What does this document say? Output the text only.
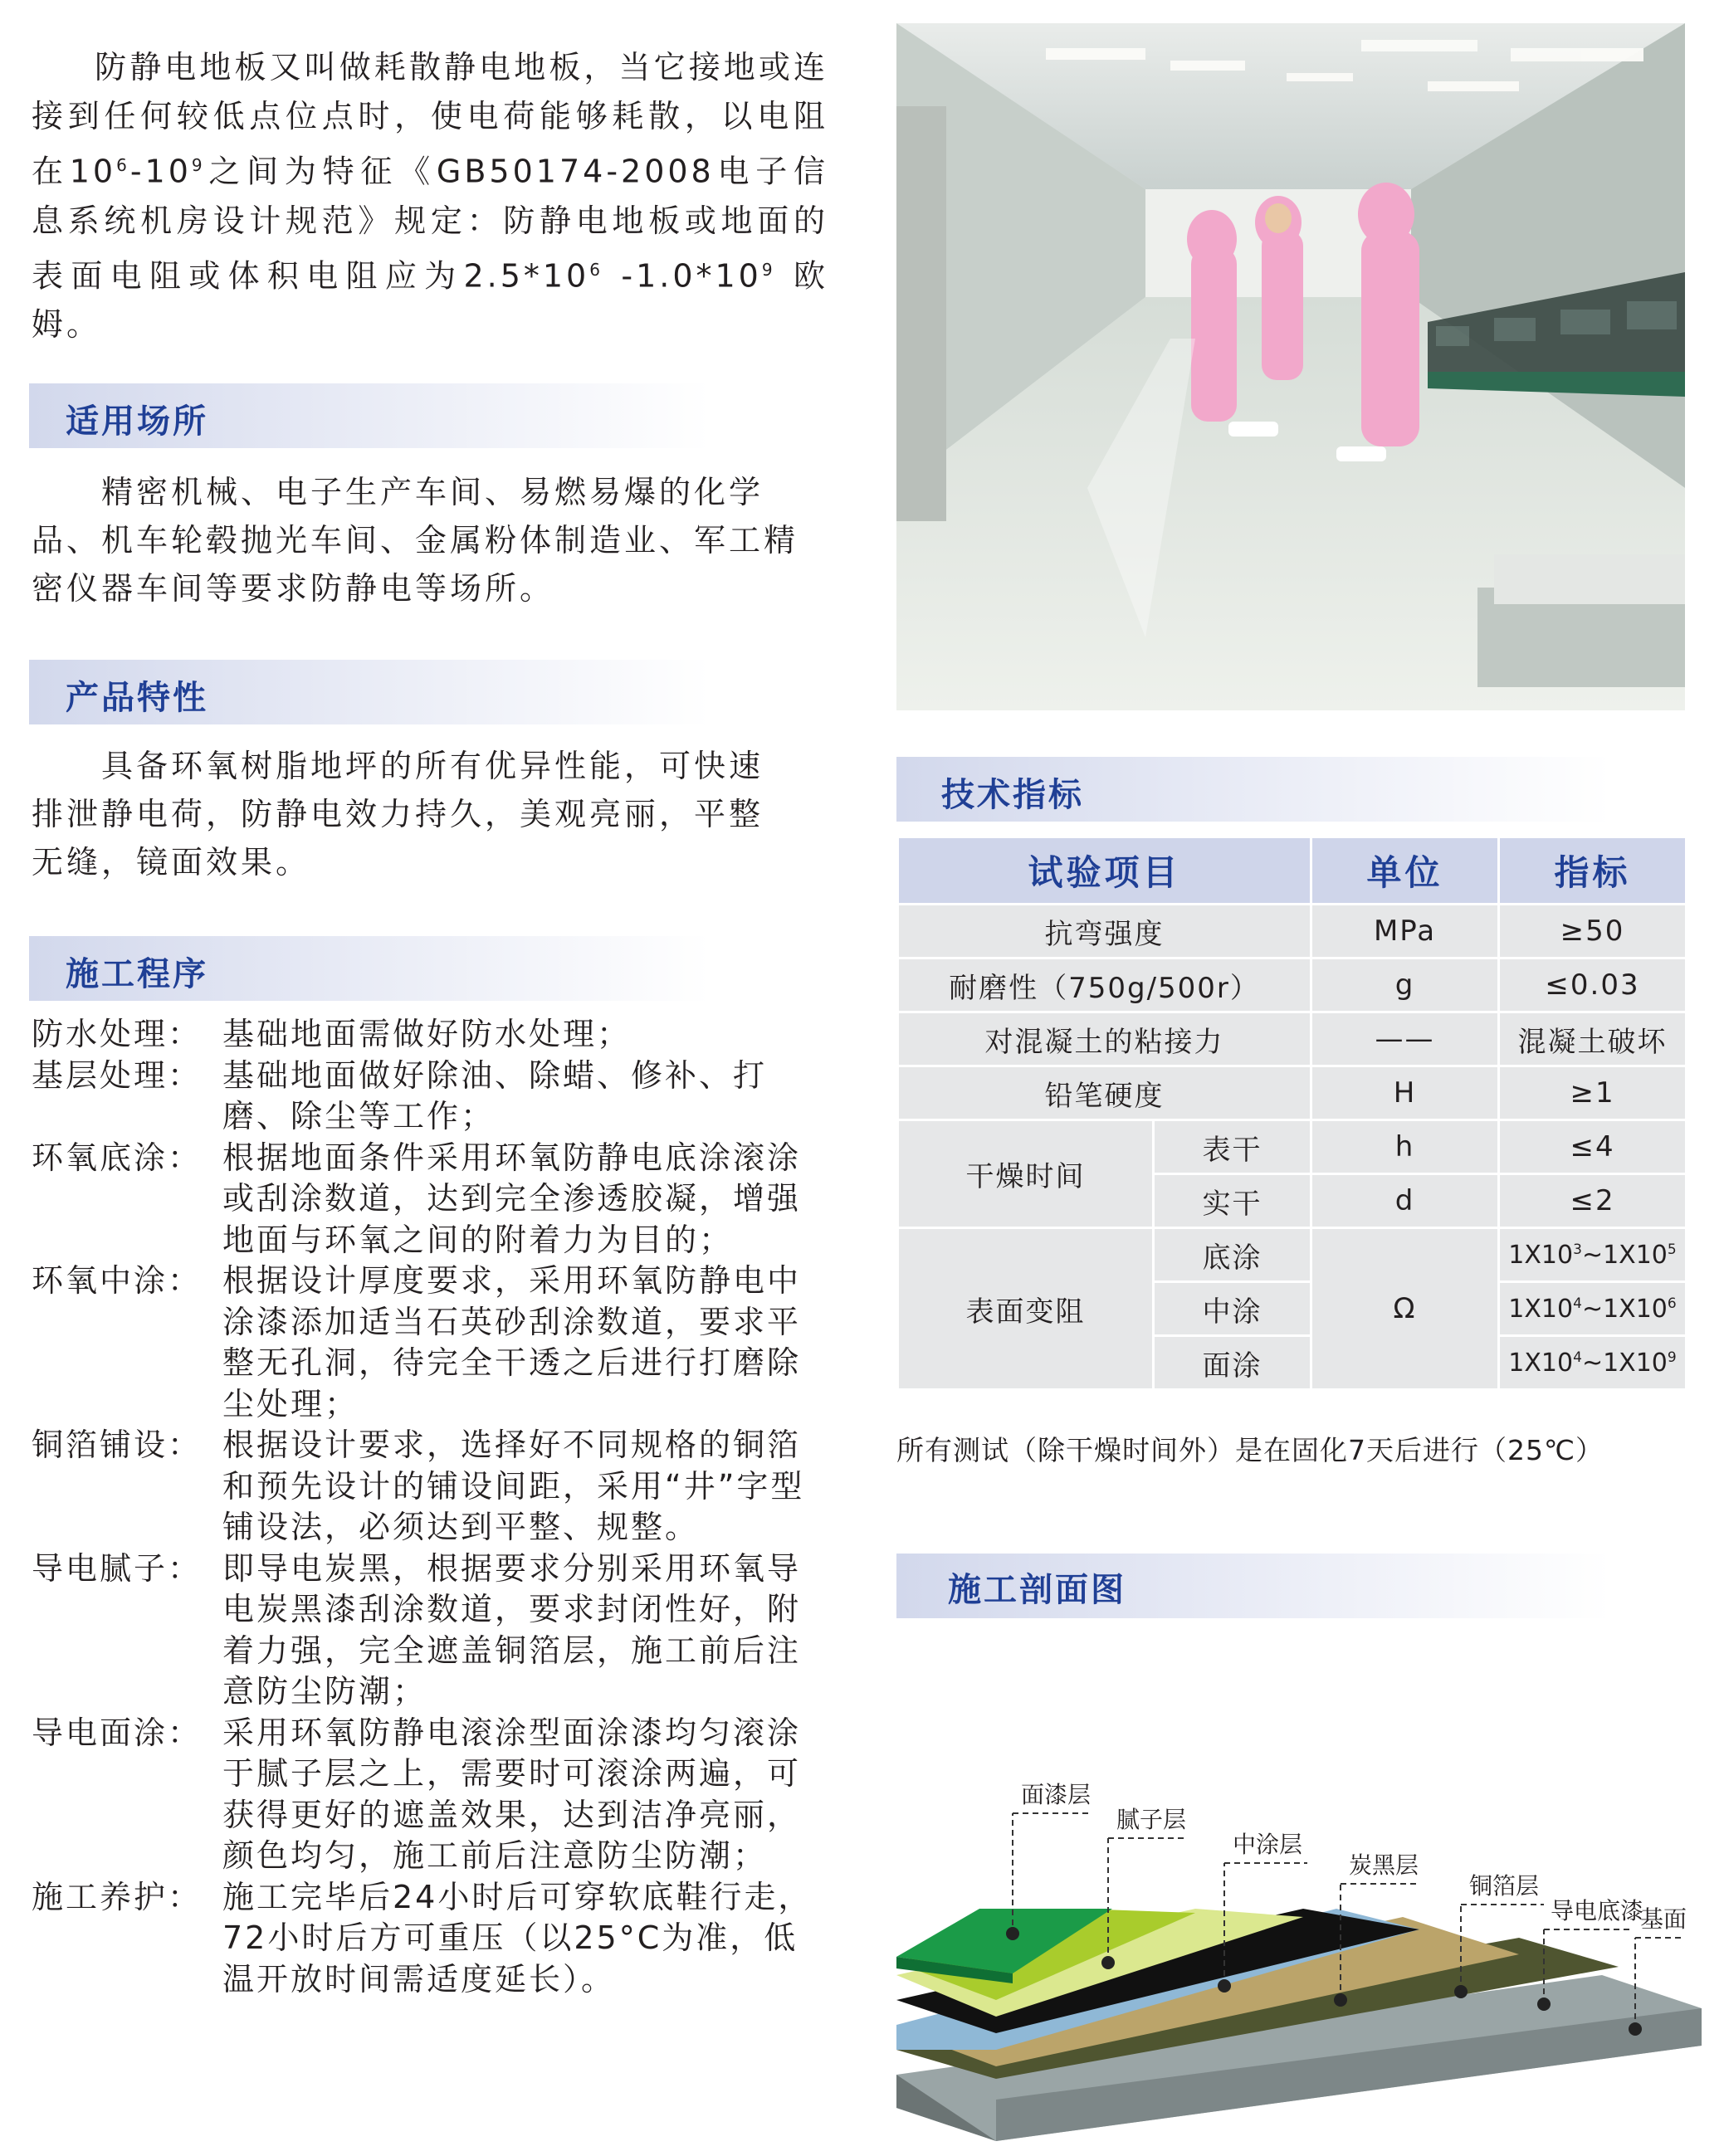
防静电地板又叫做耗散静电地板，当它接地或连接到任何较低点位点时，使电荷能够耗散，以电阻在$10^6-10^9$之间为特征《GB50174-2008电子信息系统机房设计规范》规定：防静电地板或地面的表面电阻或体积电阻应为$2.5*10^6$ $-1.0*10^9$ 欧姆。

适用场所

精密机械、电子生产车间、易燃易爆的化学品、机车轮毂抛光车间、金属粉体制造业、军工精密仪器车间等要求防静电等场所。

产品特性

具备环氧树脂地坪的所有优异性能，可快速排泄静电荷，防静电效力持久，美观亮丽，平整无缝，镜面效果。

施工程序
防水处理： 基础地面需做好防水处理；
基层处理： 基础地面做好除油、除蜡、修补、打磨、除尘等工作；
环氧底涂： 根据地面条件采用环氧防静电底涂滚涂或刮涂数道，达到完全渗透胶凝，增强地面与环氧之间的附着力为目的；
环氧中涂： 根据设计厚度要求，采用环氧防静电中涂漆添加适当石英砂刮涂数道，要求平整无孔洞，待完全干透之后进行打磨除尘处理；
铜箔铺设： 根据设计要求，选择好不同规格的铜箔和预先设计的铺设间距，采用“井”字型铺设法，必须达到平整、规整。
导电腻子： 即导电炭黑，根据要求分别采用环氧导电炭黑漆刮涂数道，要求封闭性好，附着力强，完全遮盖铜箔层，施工前后注意防尘防潮；
导电面涂： 采用环氧防静电滚涂型面涂漆均匀滚涂于腻子层之上，需要时可滚涂两遍，可获得更好的遮盖效果，达到洁净亮丽，颜色均匀，施工前后注意防尘防潮；
施工养护： 施工完毕后24小时后可穿软底鞋行走，72小时后方可重压（以25°C为准，低温开放时间需适度延长）。
技术指标
试验项目		单位	指标
抗弯强度		MPa	≥50
耐磨性（750g/500r）		g	≤0.03
对混凝土的粘接力		——	混凝土破坏
铅笔硬度		H	≥1
干燥时间	表干	h	≤4
	实干	d	≤2
表面变阻	底涂	Ω	$1X10^3\sim 1X10^5$
	中涂		$1X10^4\sim 1X10^6$
	面涂		$1X10^4\sim 1X10^9$
所有测试（除干燥时间外）是在固化7天后进行（25℃）
施工剖面图
面漆层
腻子层
中涂层
炭黑层
铜箔层
导电底漆
基面
